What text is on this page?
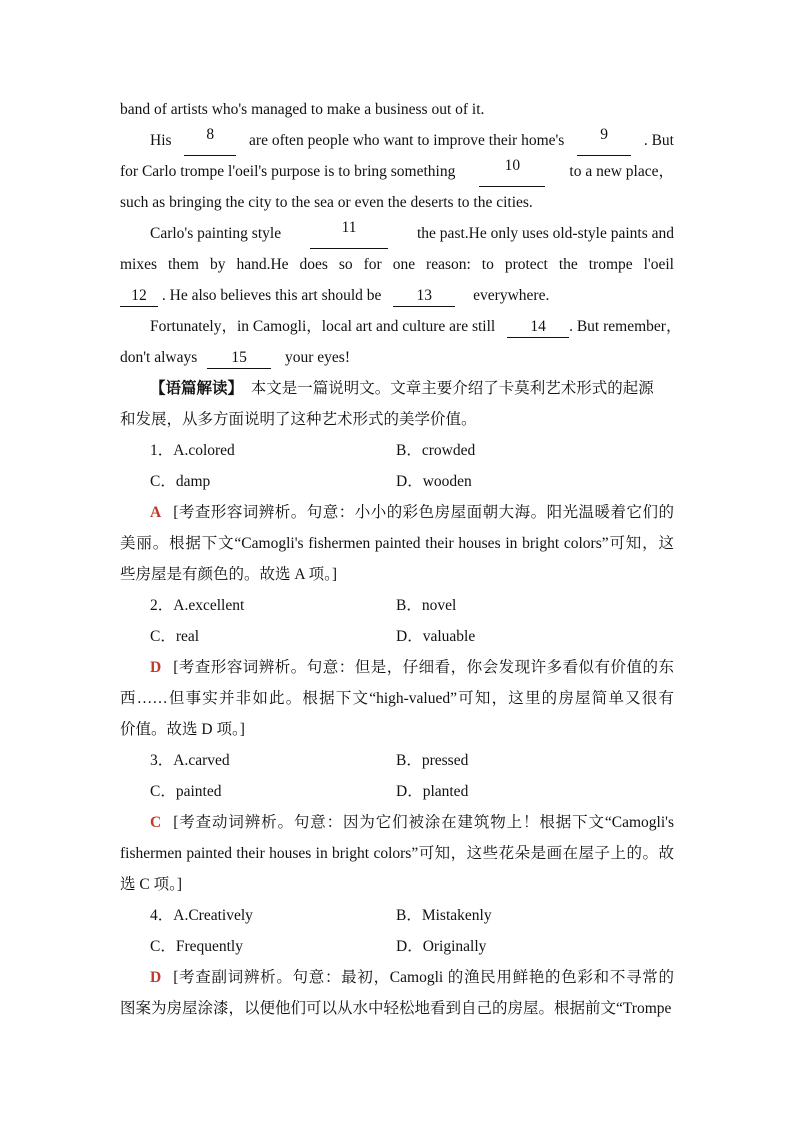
band of artists who's managed to make a business out of it.
His	8	are often people who want to improve their home's	9	. But
for Carlo trompe l'oeil's purpose is to bring something	10	to a new place，
such as bringing the city to the sea or even the deserts to the cities.
Carlo's painting style	11	the past.He only uses old-style paints and
mixes them by hand.He does so for one reason: to protect the trompe l'oeil
12 . He also believes this art should be 13	everywhere.
Fortunately，in Camogli，local art and culture are still 14 . But remember，
don't always 15 your eyes!
【语篇解读】 本文是一篇说明文。文章主要介绍了卡莫利艺术形式的起源
和发展，从多方面说明了这种艺术形式的美学价值。
1．A.colored	B．crowded
C．damp	D．wooden
A [考查形容词辨析。句意：小小的彩色房屋面朝大海。阳光温暖着它们的
美丽。根据下文“Camogli's fishermen painted their houses in bright colors”可知，这
些房屋是有颜色的。故选 A 项。]
2．A.excellent	B．novel
C．real	D．valuable
D [考查形容词辨析。句意：但是，仔细看，你会发现许多看似有价值的东
西……但事实并非如此。根据下文“high-valued”可知，这里的房屋简单又很有
价值。故选 D 项。]
3．A.carved	B．pressed
C．painted	D．planted
C [考查动词辨析。句意：因为它们被涂在建筑物上！根据下文“Camogli's
fishermen painted their houses in bright colors”可知，这些花朵是画在屋子上的。故
选 C 项。]
4．A.Creatively	B．Mistakenly
C．Frequently	D．Originally
D [考查副词辨析。句意：最初，Camogli 的渔民用鲜艳的色彩和不寻常的
图案为房屋涂漆，以便他们可以从水中轻松地看到自己的房屋。根据前文“Trompe
